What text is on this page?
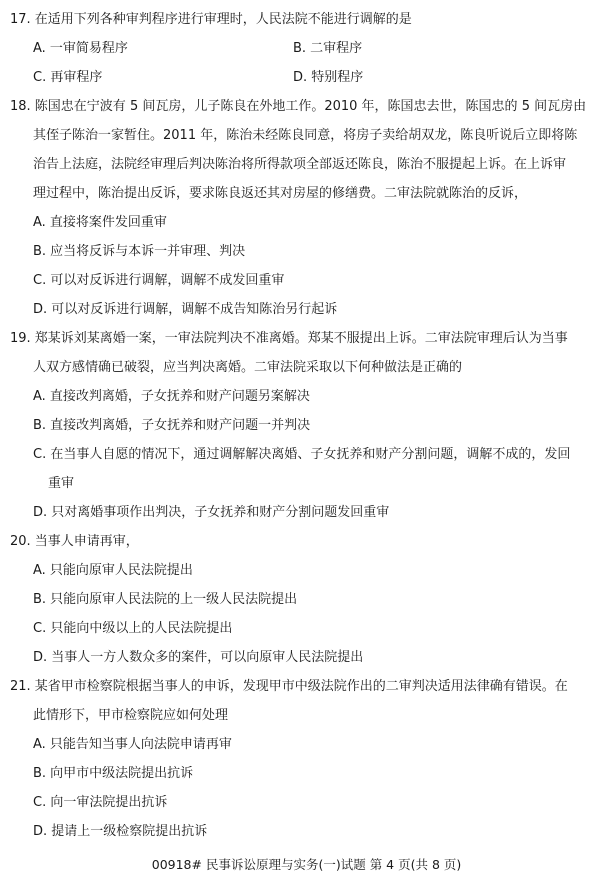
17. 在适用下列各种审判程序进行审理时，人民法院不能进行调解的是
A. 一审简易程序	B. 二审程序
C. 再审程序	D. 特别程序
18. 陈国忠在宁波有 5 间瓦房，儿子陈良在外地工作。2010 年，陈国忠去世，陈国忠的 5 间瓦房由
其侄子陈治一家暂住。2011 年，陈治未经陈良同意，将房子卖给胡双龙，陈良听说后立即将陈
治告上法庭，法院经审理后判决陈治将所得款项全部返还陈良，陈治不服提起上诉。在上诉审
理过程中，陈治提出反诉，要求陈良返还其对房屋的修缮费。二审法院就陈治的反诉，
A. 直接将案件发回重审
B. 应当将反诉与本诉一并审理、判决
C. 可以对反诉进行调解，调解不成发回重审
D. 可以对反诉进行调解，调解不成告知陈治另行起诉
19. 郑某诉刘某离婚一案，一审法院判决不准离婚。郑某不服提出上诉。二审法院审理后认为当事
人双方感情确已破裂，应当判决离婚。二审法院采取以下何种做法是正确的
A. 直接改判离婚，子女抚养和财产问题另案解决
B. 直接改判离婚，子女抚养和财产问题一并判决
C. 在当事人自愿的情况下，通过调解解决离婚、子女抚养和财产分割问题，调解不成的，发回
重审
D. 只对离婚事项作出判决，子女抚养和财产分割问题发回重审
20. 当事人申请再审，
A. 只能向原审人民法院提出
B. 只能向原审人民法院的上一级人民法院提出
C. 只能向中级以上的人民法院提出
D. 当事人一方人数众多的案件，可以向原审人民法院提出
21. 某省甲市检察院根据当事人的申诉，发现甲市中级法院作出的二审判决适用法律确有错误。在
此情形下，甲市检察院应如何处理
A. 只能告知当事人向法院申请再审
B. 向甲市中级法院提出抗诉
C. 向一审法院提出抗诉
D. 提请上一级检察院提出抗诉
00918# 民事诉讼原理与实务(一)试题 第 4 页(共 8 页)
